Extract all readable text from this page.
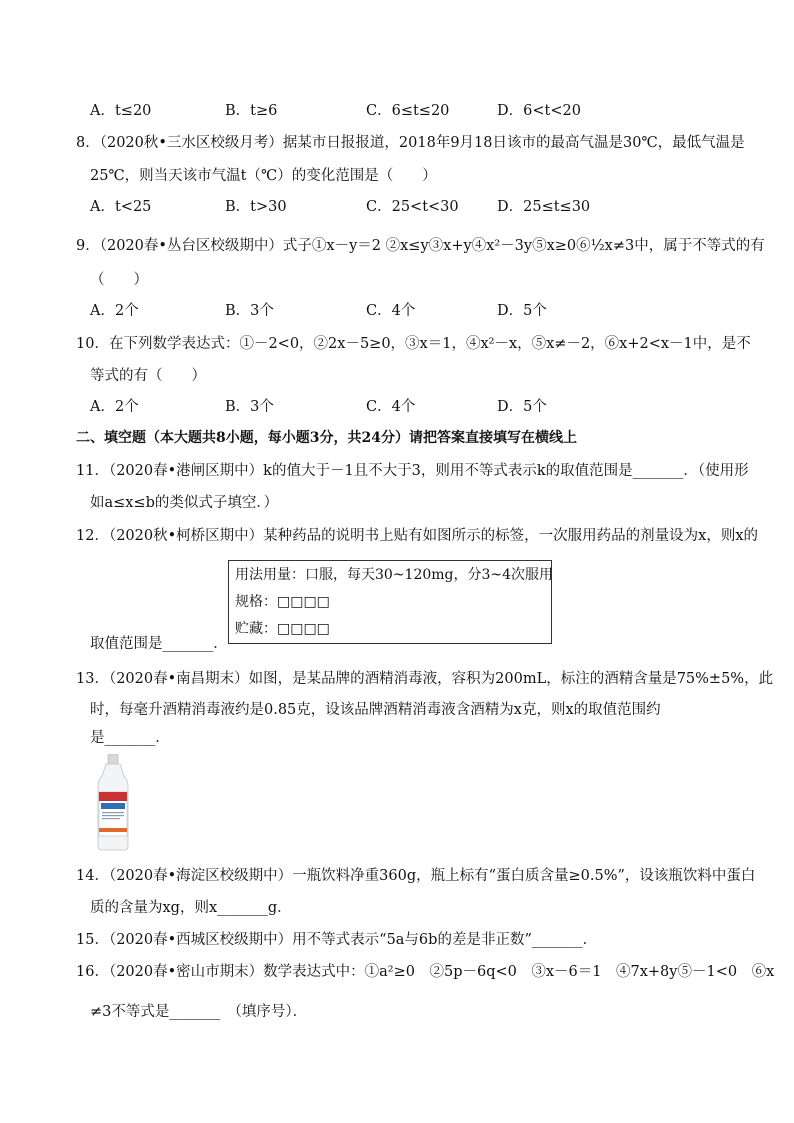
A．t≤20	B．t≥6	C．6≤t≤20	D．6<t<20
8．（2020秋•三水区校级月考）据某市日报报道，2018年9月18日该市的最高气温是30℃，最低气温是
25℃，则当天该市气温t（℃）的变化范围是（　　）
A．t<25	B．t>30	C．25<t<30	D．25≤t≤30
9．（2020春•丛台区校级期中）式子①x－y＝2 ②x≤y③x+y④x²－3y⑤x≥0⑥½x≠3中，属于不等式的有
（　　）
A．2个	B．3个	C．4个	D．5个
10．在下列数学表达式：①－2<0，②2x－5≥0，③x＝1，④x²－x，⑤x≠－2，⑥x+2<x－1中，是不
等式的有（　　）
A．2个	B．3个	C．4个	D．5个
二、填空题（本大题共8小题，每小题3分，共24分）请把答案直接填写在横线上
11．（2020春•港闸区期中）k的值大于－1且不大于3，则用不等式表示k的取值范围是_______．（使用形
如a≤x≤b的类似式子填空．）
12．（2020秋•柯桥区期中）某种药品的说明书上贴有如图所示的标签，一次服用药品的剂量设为x，则x的
用法用量：口服，每天30~120mg，分3~4次服用
规格：□□□□
贮藏：□□□□
取值范围是_______．
13．（2020春•南昌期末）如图，是某品牌的酒精消毒液，容积为200mL，标注的酒精含量是75%±5%，此
时，每毫升酒精消毒液约是0.85克，设该品牌酒精消毒液含酒精为x克，则x的取值范围约
是_______．
14．（2020春•海淀区校级期中）一瓶饮料净重360g，瓶上标有“蛋白质含量≥0.5%”，设该瓶饮料中蛋白
质的含量为xg，则x_______g．
15．（2020春•西城区校级期中）用不等式表示“5a与6b的差是非正数”_______．
16．（2020春•密山市期末）数学表达式中：①a²≥0　②5p－6q<0　③x－6＝1　④7x+8y⑤－1<0　⑥x
≠3不等式是_______　（填序号）．
